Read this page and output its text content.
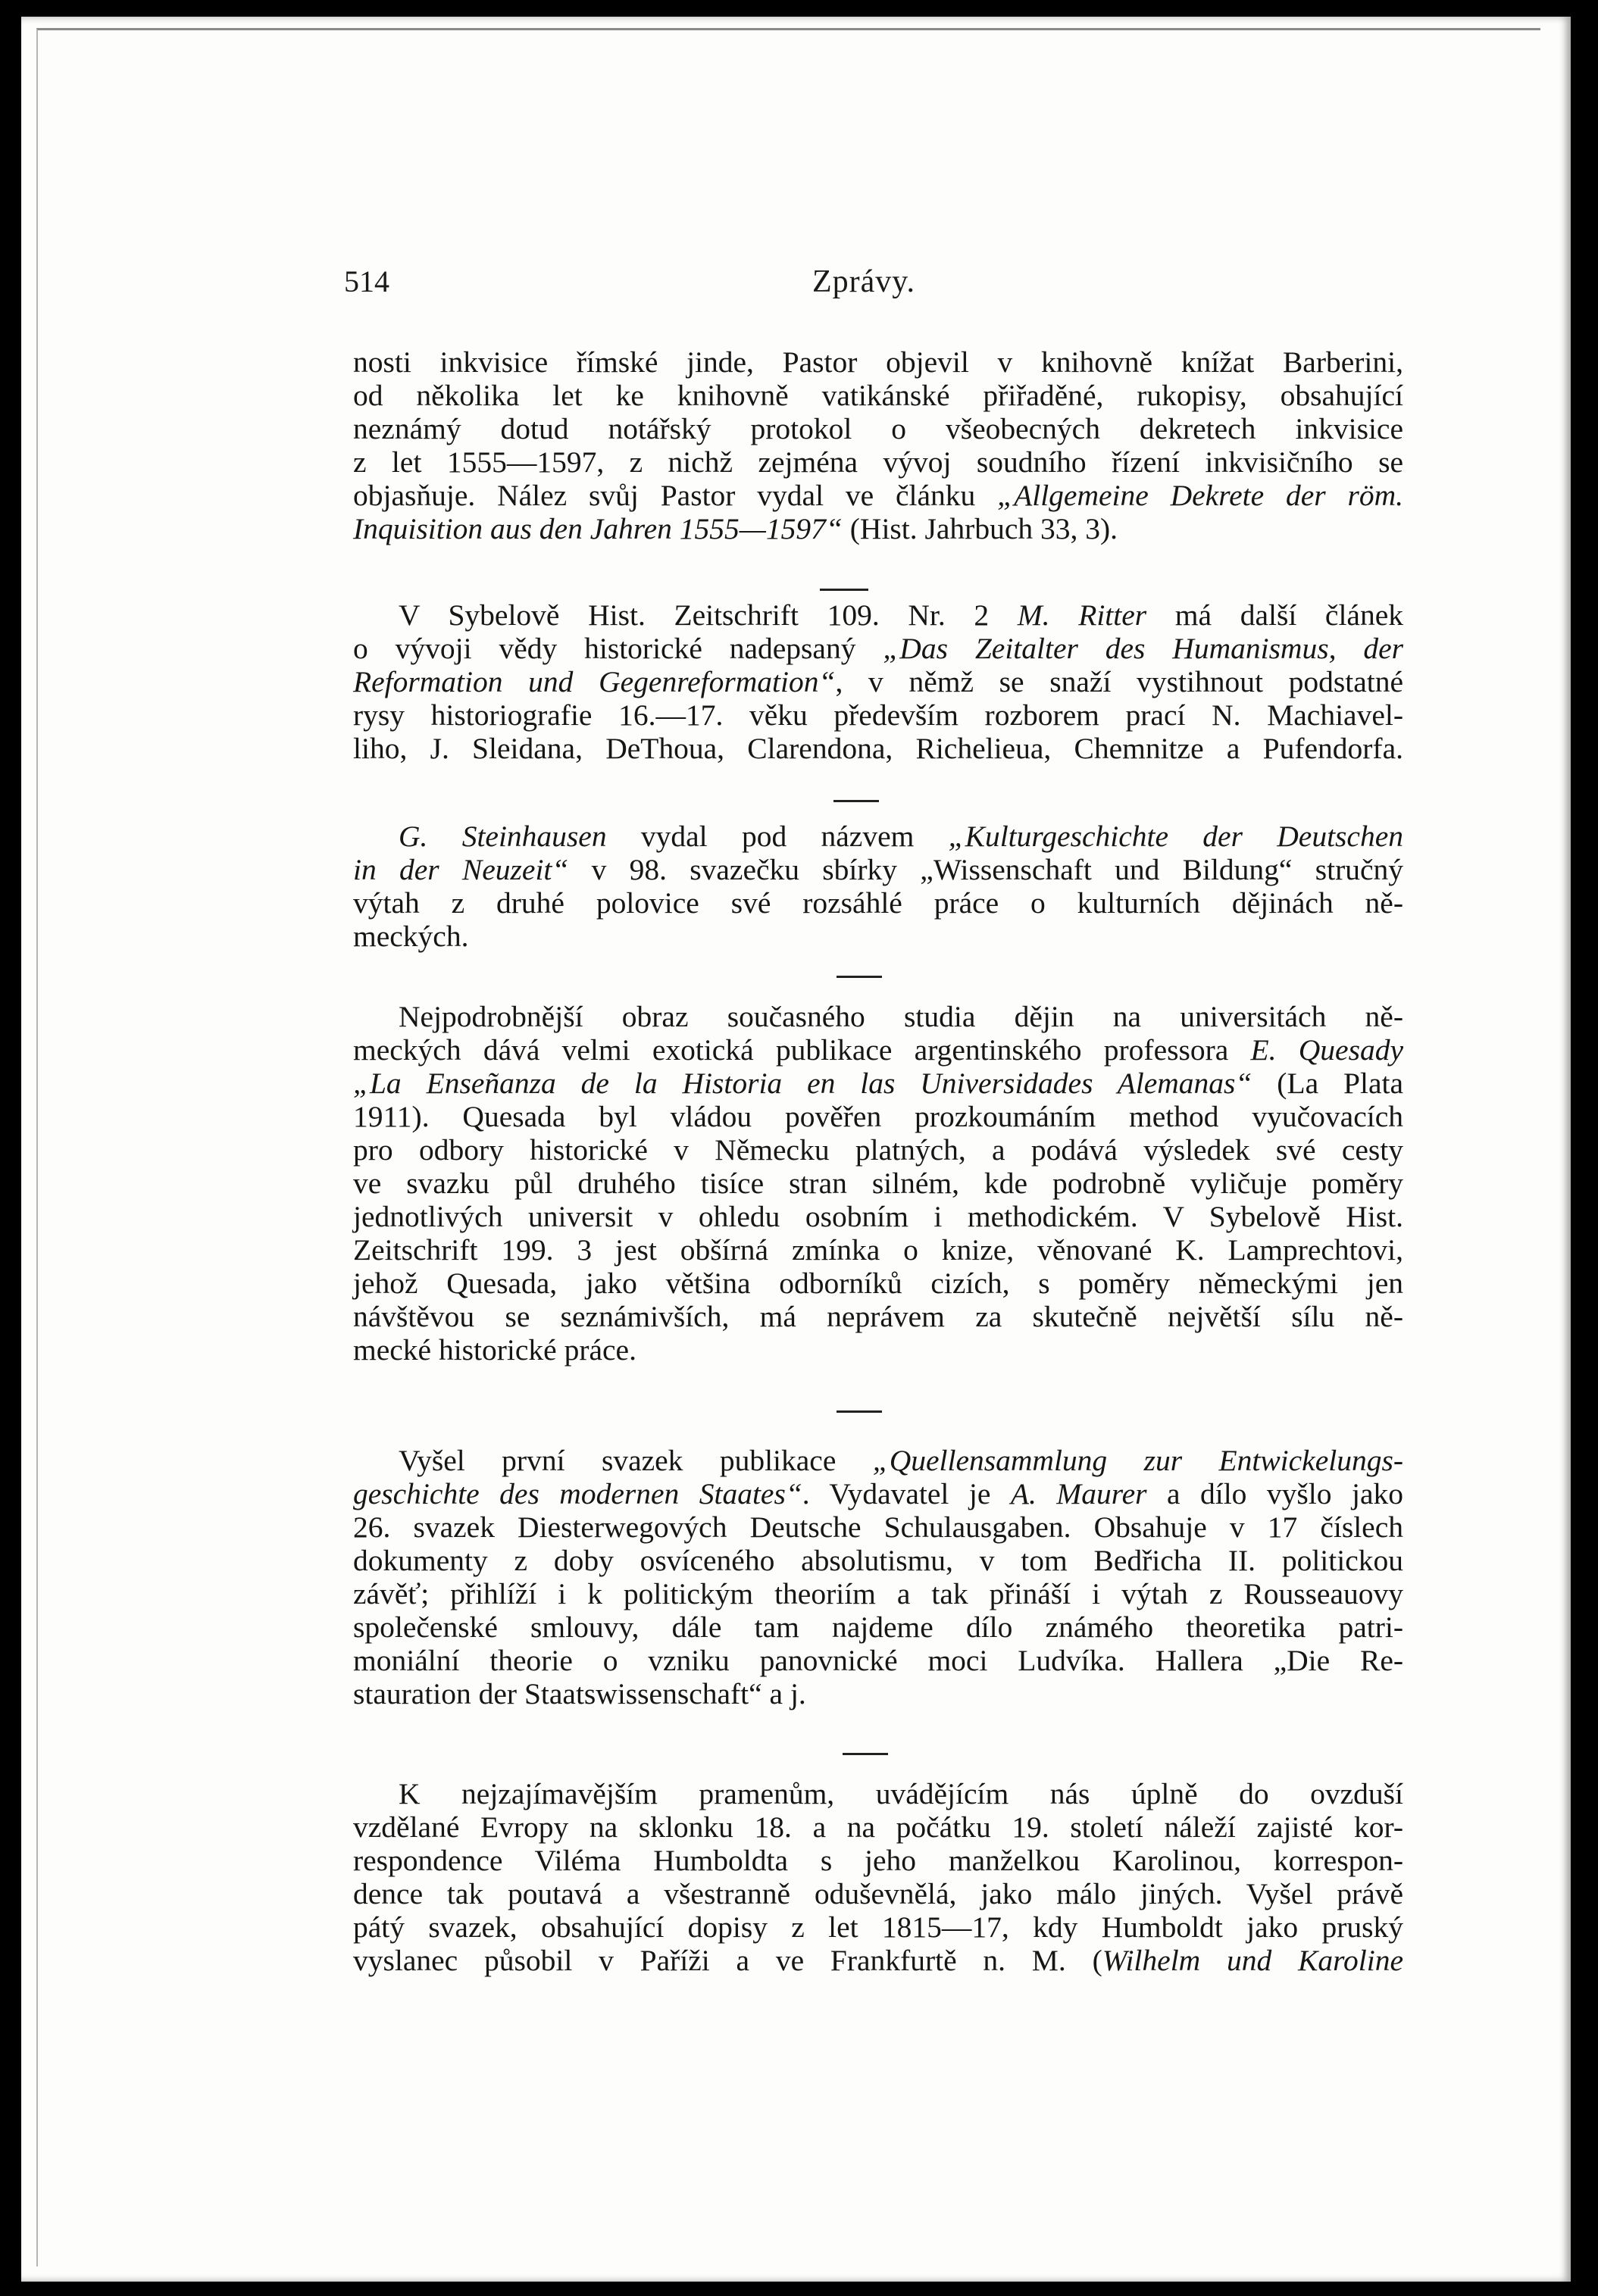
514	Zprávy.
nosti inkvisice římské jinde, Pastor objevil v knihovně knížat Barberini,
od několika let ke knihovně vatikánské přiřaděné, rukopisy, obsahující
neznámý dotud notářský protokol o všeobecných dekretech inkvisice
z let 1555—1597, z nichž zejména vývoj soudního řízení inkvisičního se
objasňuje. Nález svůj Pastor vydal ve článku „Allgemeine Dekrete der röm.
Inquisition aus den Jahren 1555—1597“ (Hist. Jahrbuch 33, 3).
V Sybelově Hist. Zeitschrift 109. Nr. 2 M. Ritter má další článek
o vývoji vědy historické nadepsaný „Das Zeitalter des Humanismus, der
Reformation und Gegenreformation“, v němž se snaží vystihnout podstatné
rysy historiografie 16.—17. věku především rozborem prací N. Machiavel-
liho, J. Sleidana, DeThoua, Clarendona, Richelieua, Chemnitze a Pufendorfa.
G. Steinhausen vydal pod názvem „Kulturgeschichte der Deutschen
in der Neuzeit“ v 98. svazečku sbírky „Wissenschaft und Bildung“ stručný
výtah z druhé polovice své rozsáhlé práce o kulturních dějinách ně-
meckých.
Nejpodrobnější obraz současného studia dějin na universitách ně-
meckých dává velmi exotická publikace argentinského professora E. Quesady
„La Enseñanza de la Historia en las Universidades Alemanas“ (La Plata
1911). Quesada byl vládou pověřen prozkoumáním method vyučovacích
pro odbory historické v Německu platných, a podává výsledek své cesty
ve svazku půl druhého tisíce stran silném, kde podrobně vyličuje poměry
jednotlivých universit v ohledu osobním i methodickém. V Sybelově Hist.
Zeitschrift 199. 3 jest obšírná zmínka o knize, věnované K. Lamprechtovi,
jehož Quesada, jako většina odborníků cizích, s poměry německými jen
návštěvou se seznámivších, má neprávem za skutečně největší sílu ně-
mecké historické práce.
Vyšel první svazek publikace „Quellensammlung zur Entwickelungs-
geschichte des modernen Staates“. Vydavatel je A. Maurer a dílo vyšlo jako
26. svazek Diesterwegových Deutsche Schulausgaben. Obsahuje v 17 číslech
dokumenty z doby osvíceného absolutismu, v tom Bedřicha II. politickou
závěť; přihlíží i k politickým theoriím a tak přináší i výtah z Rousseauovy
společenské smlouvy, dále tam najdeme dílo známého theoretika patri-
moniální theorie o vzniku panovnické moci Ludvíka. Hallera „Die Re-
stauration der Staatswissenschaft“ a j.
K nejzajímavějším pramenům, uvádějícím nás úplně do ovzduší
vzdělané Evropy na sklonku 18. a na počátku 19. století náleží zajisté kor-
respondence Viléma Humboldta s jeho manželkou Karolinou, korrespon-
dence tak poutavá a všestranně oduševnělá, jako málo jiných. Vyšel právě
pátý svazek, obsahující dopisy z let 1815—17, kdy Humboldt jako pruský
vyslanec působil v Paříži a ve Frankfurtě n. M. (Wilhelm und Karoline
